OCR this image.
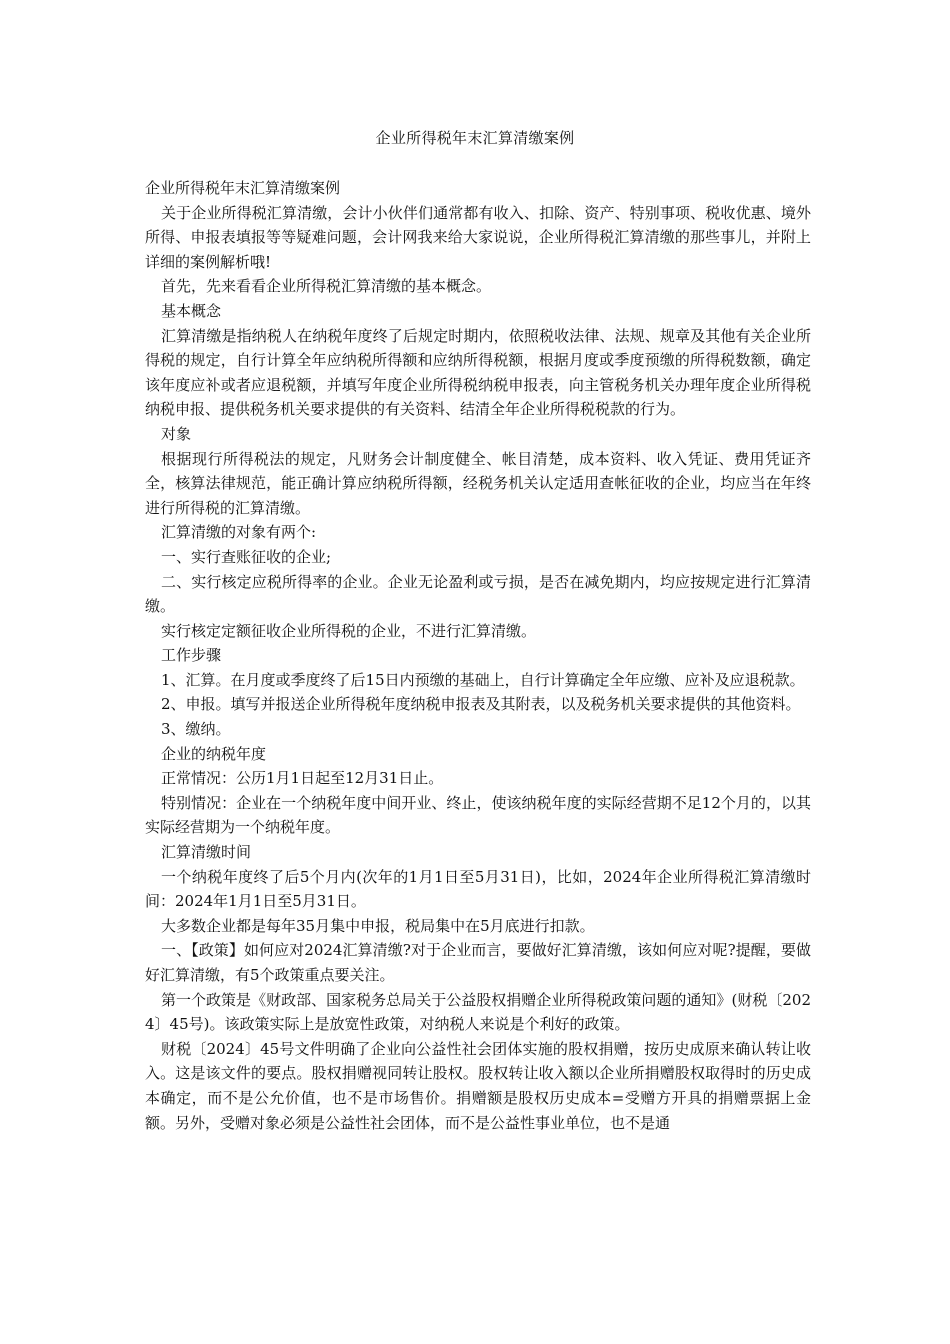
企业所得税年末汇算清缴案例

企业所得税年末汇算清缴案例

关于企业所得税汇算清缴，会计小伙伴们通常都有收入、扣除、资产、特别事项、税收优惠、境外所得、申报表填报等等疑难问题，会计网我来给大家说说，企业所得税汇算清缴的那些事儿，并附上详细的案例解析哦!

首先，先来看看企业所得税汇算清缴的基本概念。

基本概念

汇算清缴是指纳税人在纳税年度终了后规定时期内，依照税收法律、法规、规章及其他有关企业所得税的规定，自行计算全年应纳税所得额和应纳所得税额，根据月度或季度预缴的所得税数额，确定该年度应补或者应退税额，并填写年度企业所得税纳税申报表，向主管税务机关办理年度企业所得税纳税申报、提供税务机关要求提供的有关资料、结清全年企业所得税税款的行为。

对象

根据现行所得税法的规定，凡财务会计制度健全、帐目清楚，成本资料、收入凭证、费用凭证齐全，核算法律规范，能正确计算应纳税所得额，经税务机关认定适用查帐征收的企业，均应当在年终进行所得税的汇算清缴。

汇算清缴的对象有两个:

一、实行查账征收的企业;

二、实行核定应税所得率的企业。企业无论盈利或亏损，是否在减免期内，均应按规定进行汇算清缴。

实行核定定额征收企业所得税的企业，不进行汇算清缴。

工作步骤

1、汇算。在月度或季度终了后15日内预缴的基础上，自行计算确定全年应缴、应补及应退税款。

2、申报。填写并报送企业所得税年度纳税申报表及其附表，以及税务机关要求提供的其他资料。

3、缴纳。

企业的纳税年度

正常情况：公历1月1日起至12月31日止。

特别情况：企业在一个纳税年度中间开业、终止，使该纳税年度的实际经营期不足12个月的，以其实际经营期为一个纳税年度。

汇算清缴时间

一个纳税年度终了后5个月内(次年的1月1日至5月31日)，比如，2024年企业所得税汇算清缴时间：2024年1月1日至5月31日。

大多数企业都是每年35月集中申报，税局集中在5月底进行扣款。

一、【政策】如何应对2024汇算清缴?对于企业而言，要做好汇算清缴，该如何应对呢?提醒，要做好汇算清缴，有5个政策重点要关注。

第一个政策是《财政部、国家税务总局关于公益股权捐赠企业所得税政策问题的通知》(财税〔2024〕45号)。该政策实际上是放宽性政策，对纳税人来说是个利好的政策。

财税〔2024〕45号文件明确了企业向公益性社会团体实施的股权捐赠，按历史成原来确认转让收入。这是该文件的要点。股权捐赠视同转让股权。股权转让收入额以企业所捐赠股权取得时的历史成本确定，而不是公允价值，也不是市场售价。捐赠额是股权历史成本=受赠方开具的捐赠票据上金额。另外，受赠对象必须是公益性社会团体，而不是公益性事业单位，也不是通
